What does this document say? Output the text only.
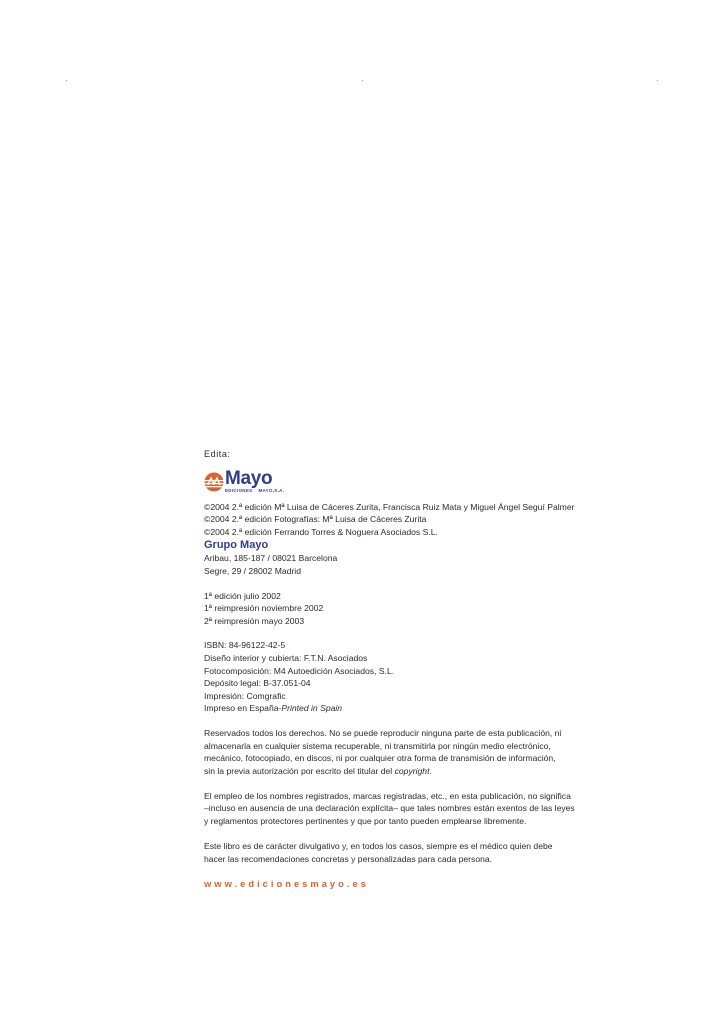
Edita:
Mayo
EDICIONES MAYO,S.A.
©2004 2.ª edición Mª Luisa de Cáceres Zurita, Francisca Ruiz Mata y Miguel Ángel Seguí Palmer
©2004 2.ª edición Fotografías: Mª Luisa de Cáceres Zurita
©2004 2.ª edición Ferrando Torres & Noguera Asociados S.L.
Grupo Mayo
Aribau, 185-187 / 08021 Barcelona
Segre, 29 / 28002 Madrid
1ª edición julio 2002
1ª reimpresión noviembre 2002
2ª reimpresión mayo 2003
ISBN: 84-96122-42-5
Diseño interior y cubierta: F.T.N. Asociados
Fotocomposición: M4 Autoedición Asociados, S.L.
Depósito legal: B-37.051-04
Impresión: Comgrafic
Impreso en España-Printed in Spain
Reservados todos los derechos. No se puede reproducir ninguna parte de esta publicación, ni
almacenarla en cualquier sistema recuperable, ni transmitirla por ningún medio electrónico,
mecánico, fotocopiado, en discos, ni por cualquier otra forma de transmisión de información,
sin la previa autorización por escrito del titular del copyright.
El empleo de los nombres registrados, marcas registradas, etc., en esta publicación, no significa
–incluso en ausencia de una declaración explícita– que tales nombres están exentos de las leyes
y reglamentos protectores pertinentes y que por tanto pueden emplearse libremente.
Este libro es de carácter divulgativo y, en todos los casos, siempre es el médico quien debe
hacer las recomendaciones concretas y personalizadas para cada persona.
www.edicionesmayo.es
